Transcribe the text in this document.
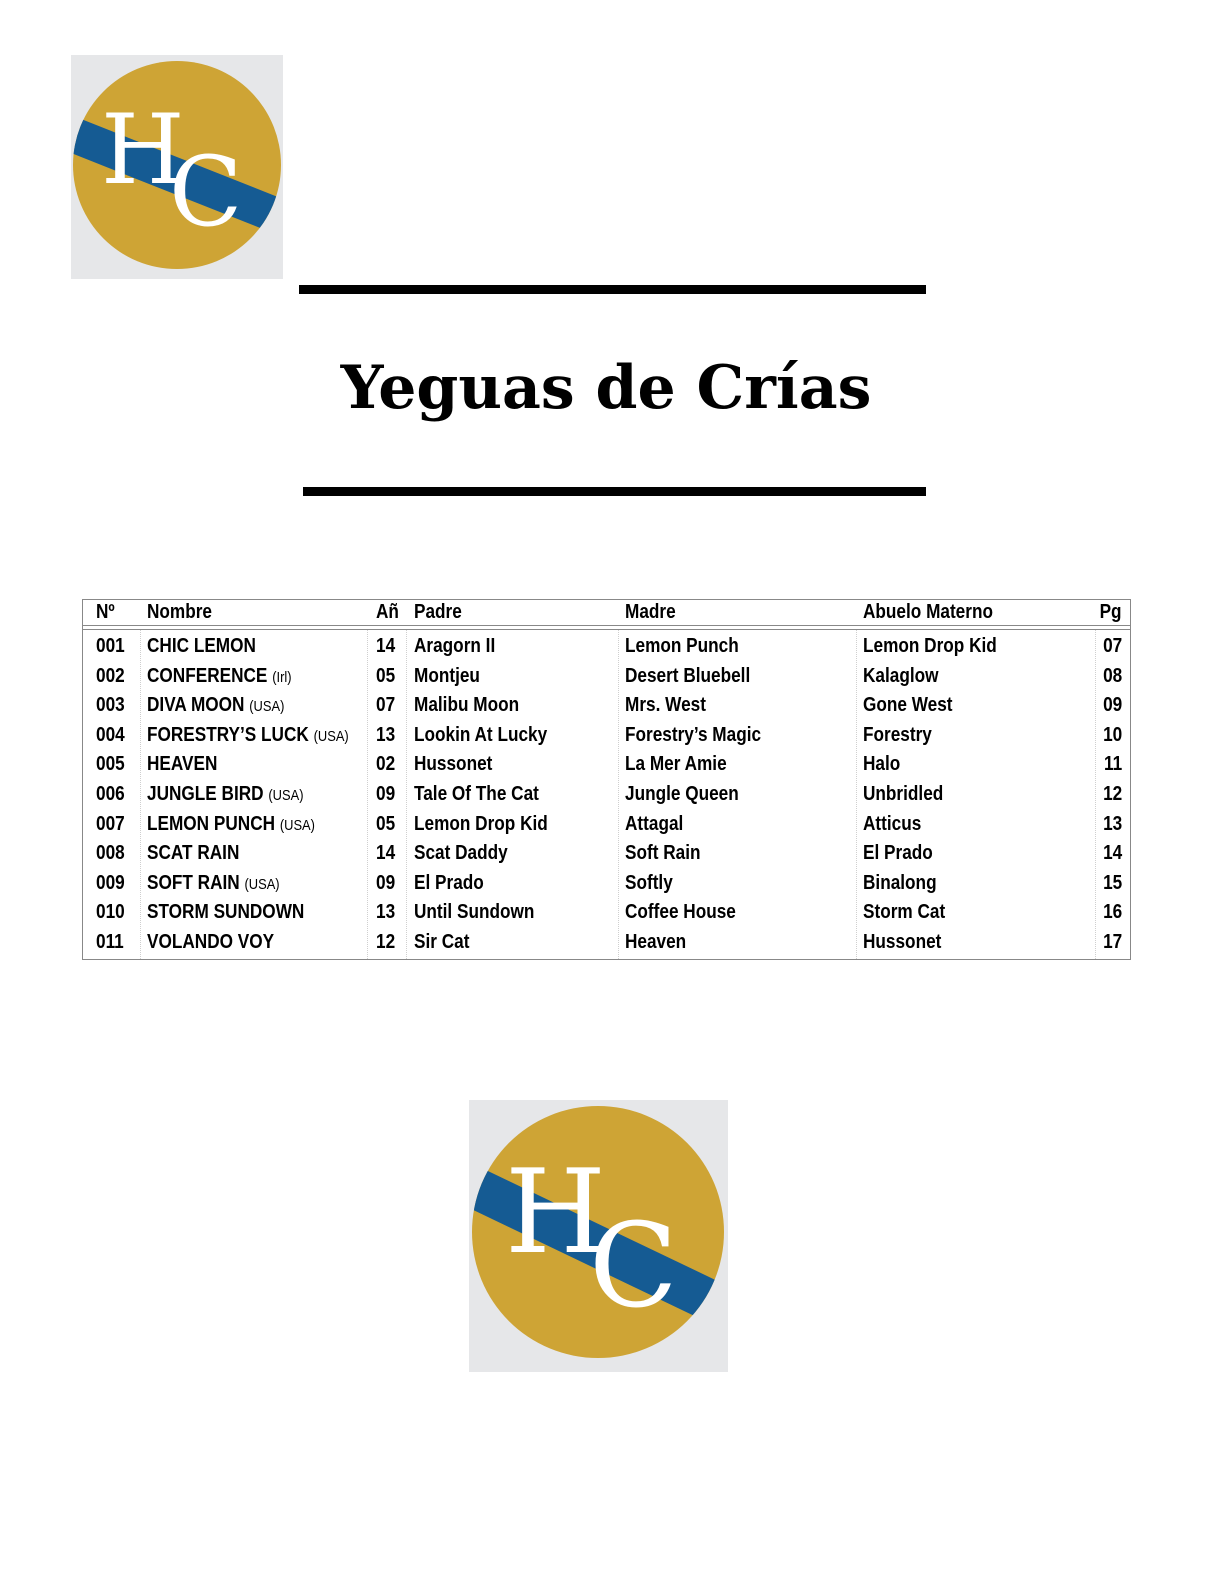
H
C
Yeguas de Crías
Nº Nombre	Añ Padre	Madre	Abuelo Materno	Pg
001 CHIC LEMON	14 Aragorn II	Lemon Punch	Lemon Drop Kid	07
002 CONFERENCE (Irl)	05 Montjeu	Desert Bluebell	Kalaglow	08
003 DIVA MOON (USA)	07 Malibu Moon	Mrs. West	Gone West	09
004 FORESTRY’S LUCK (USA) 13 Lookin At Lucky	Forestry’s Magic	Forestry	10
005 HEAVEN	02 Hussonet	La Mer Amie	Halo	11
006 JUNGLE BIRD (USA)	09 Tale Of The Cat	Jungle Queen	Unbridled	12
007 LEMON PUNCH (USA)	05 Lemon Drop Kid	Attagal	Atticus	13
008 SCAT RAIN	14 Scat Daddy	Soft Rain	El Prado	14
009 SOFT RAIN (USA)	09 El Prado	Softly	Binalong	15
010 STORM SUNDOWN	13 Until Sundown	Coffee House	Storm Cat	16
011 VOLANDO VOY	12 Sir Cat	Heaven	Hussonet	17
H
C
